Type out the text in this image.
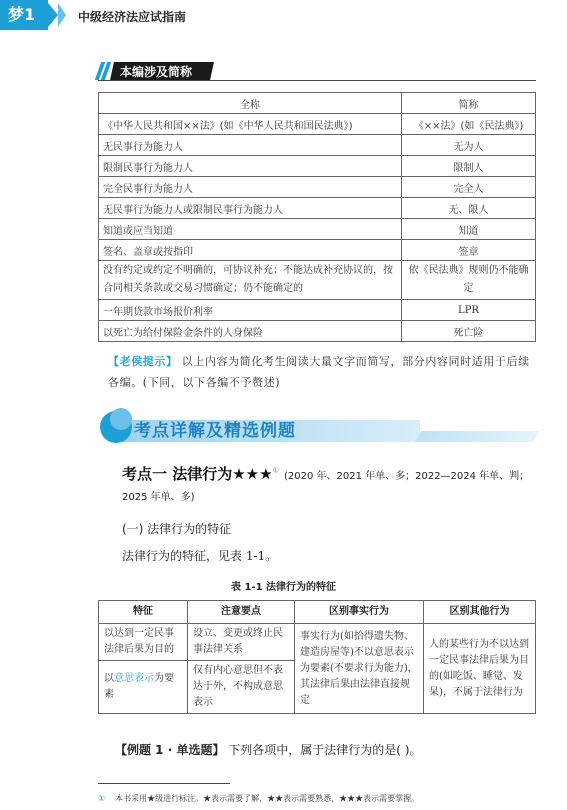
梦1	中级经济法应试指南
本编涉及简称
全称	简称
《中华人民共和国××法》(如《中华人民共和国民法典》)	《××法》(如《民法典》)
无民事行为能力人	无为人
限制民事行为能力人	限制人
完全民事行为能力人	完全人
无民事行为能力人或限制民事行为能力人	无、限人
知道或应当知道	知道
签名、盖章或按指印	签章
没有约定或约定不明确的，可协议补充；不能达成补充协议的，按合同相关条款或交易习惯确定；仍不能确定的	依《民法典》规则仍不能确定
一年期贷款市场报价利率	LPR
以死亡为给付保险金条件的人身保险	死亡险
【老侯提示】 以上内容为简化考生阅读大量文字而简写，部分内容同时适用于后续各编。(下同，以下各编不予赘述)
考点详解及精选例题
考点一 法律行为★★★① (2020 年、2021 年单、多；2022—2024 年单、判；2025 年单、多)
(一) 法律行为的特征
法律行为的特征，见表 1-1。
表 1-1 法律行为的特征
特征	注意要点	区别事实行为	区别其他行为
以达到一定民事法律后果为目的	设立、变更或终止民事法律关系	事实行为(如拾得遗失物、建造房屋等)不以意思表示为要素(不要求行为能力)，其法律后果由法律直接规定	人的某些行为不以达到一定民事法律后果为目的(如吃饭、睡觉、发呆)，不属于法律行为
以意思表示为要素	仅有内心意思但不表达于外，不构成意思表示		
【例题 1 · 单选题】 下列各项中，属于法律行为的是( )。
① 本书采用★级进行标注。★表示需要了解，★★表示需要熟悉，★★★表示需要掌握。
